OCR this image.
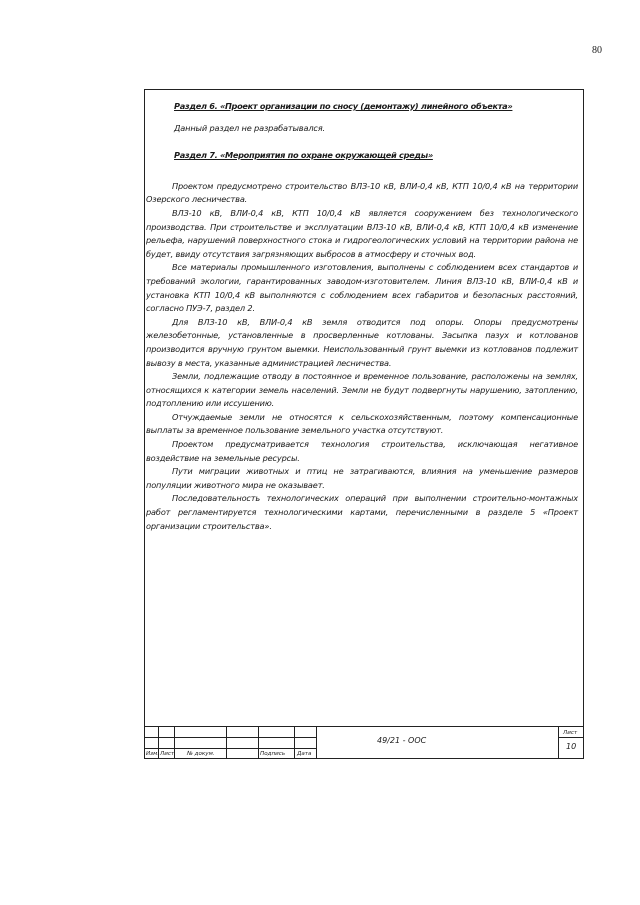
80
Раздел 6. «Проект организации по сносу (демонтажу) линейного объекта»
Данный раздел не разрабатывался.
Раздел 7. «Мероприятия по охране окружающей среды»

Проектом предусмотрено строительство ВЛЗ-10 кВ, ВЛИ-0,4 кВ, КТП 10/0,4 кВ на территории Озерского лесничества.

ВЛЗ-10 кВ, ВЛИ-0,4 кВ, КТП 10/0,4 кВ является сооружением без технологического производства. При строительстве и эксплуатации ВЛЗ-10 кВ, ВЛИ-0,4 кВ, КТП 10/0,4 кВ изменение рельефа, нарушений поверхностного стока и гидрогеологических условий на территории района не будет, ввиду отсутствия загрязняющих выбросов в атмосферу и сточных вод.

Все материалы промышленного изготовления, выполнены с соблюдением всех стандартов и требований экологии, гарантированных заводом-изготовителем. Линия ВЛЗ-10 кВ, ВЛИ-0,4 кВ и установка КТП 10/0,4 кВ выполняются с соблюдением всех габаритов и безопасных расстояний, согласно ПУЭ-7, раздел 2.

Для ВЛЗ-10 кВ, ВЛИ-0,4 кВ земля отводится под опоры. Опоры предусмотрены железобетонные, установленные в просверленные котлованы. Засыпка пазух и котлованов производится вручную грунтом выемки. Неиспользованный грунт выемки из котлованов подлежит вывозу в места, указанные администрацией лесничества.

Земли, подлежащие отводу в постоянное и временное пользование, расположены на землях, относящихся к категории земель населений. Земли не будут подвергнуты нарушению, затоплению, подтоплению или иссушению.

Отчуждаемые земли не относятся к сельскохозяйственным, поэтому компенсационные выплаты за временное пользование земельного участка отсутствуют.

Проектом предусматривается технология строительства, исключающая негативное воздействие на земельные ресурсы.

Пути миграции животных и птиц не затрагиваются, влияния на уменьшение размеров популяции животного мира не оказывает.

Последовательность технологических операций при выполнении строительно-монтажных работ регламентируется технологическими картами, перечисленными в разделе 5 «Проект организации строительства».

Изм. Лист № докум.	Подпись Дата
49/21 - ООС
Лист
10
